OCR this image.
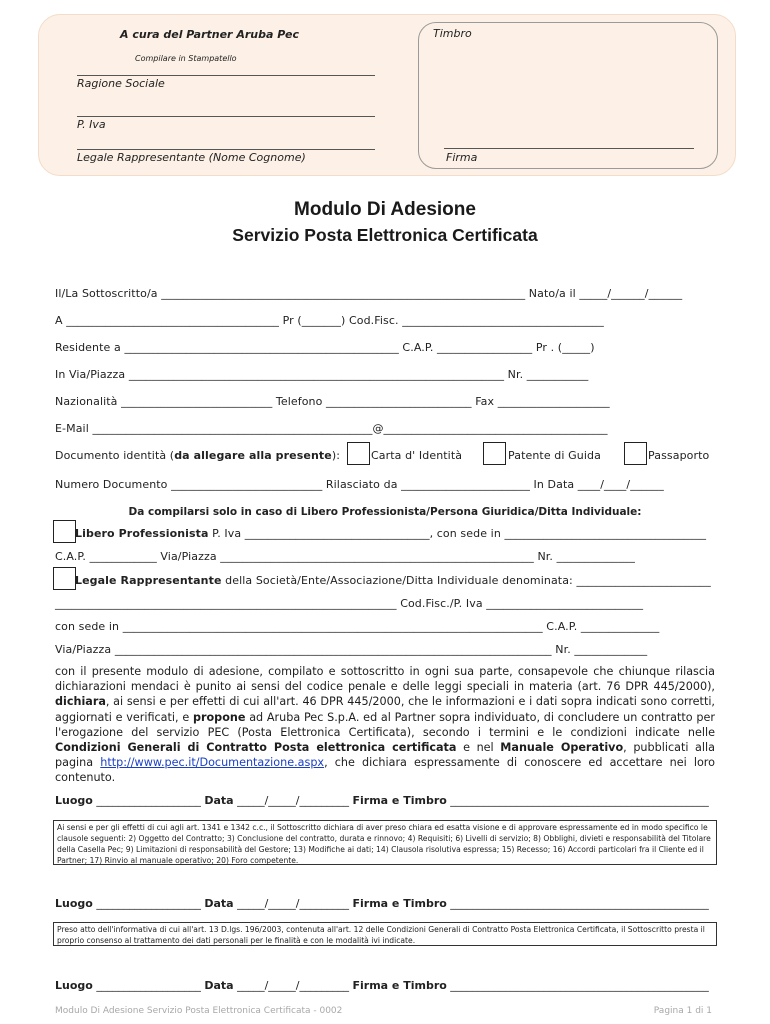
A cura del Partner Aruba Pec
Compilare in Stampatello
Ragione Sociale
P. Iva
Legale Rappresentante (Nome Cognome)
Timbro
Firma
Modulo Di Adesione
Servizio Posta Elettronica Certificata
Il/La Sottoscritto/a _________________________________________________________________ Nato/a il _____/______/______
A ______________________________________ Pr (_______) Cod.Fisc. ____________________________________
Residente a _________________________________________________ C.A.P. _________________ Pr . (_____)
In Via/Piazza ___________________________________________________________________ Nr. ___________
Nazionalità ___________________________ Telefono __________________________ Fax ____________________
E-Mail __________________________________________________@________________________________________
Documento identità (da allegare alla presente):	Carta d' Identità	Patente di Guida	Passaporto
Numero Documento ___________________________ Rilasciato da _______________________ In Data ____/____/______
Da compilarsi solo in caso di Libero Professionista/Persona Giuridica/Ditta Individuale:
Libero Professionista P. Iva _________________________________, con sede in ____________________________________
C.A.P. ____________ Via/Piazza ________________________________________________________ Nr. ______________
Legale Rappresentante della Società/Ente/Associazione/Ditta Individuale denominata: ________________________
_____________________________________________________________ Cod.Fisc./P. Iva ____________________________
con sede in ___________________________________________________________________________ C.A.P. ______________
Via/Piazza ______________________________________________________________________________ Nr. _____________
con il presente modulo di adesione, compilato e sottoscritto in ogni sua parte, consapevole che chiunque rilascia dichiarazioni mendaci è punito ai sensi del codice penale e delle leggi speciali in materia (art. 76 DPR 445/2000), dichiara, ai sensi e per effetti di cui all'art. 46 DPR 445/2000, che le informazioni e i dati sopra indicati sono corretti, aggiornati e verificati, e propone ad Aruba Pec S.p.A. ed al Partner sopra individuato, di concludere un contratto per l'erogazione del servizio PEC (Posta Elettronica Certificata), secondo i termini e le condizioni indicate nelle Condizioni Generali di Contratto Posta elettronica certificata e nel Manuale Operativo, pubblicati alla pagina http://www.pec.it/Documentazione.aspx, che dichiara espressamente di conoscere ed accettare nei loro contenuto.
Luogo ___________________ Data _____/_____/_________ Firma e Timbro _______________________________________________
Ai sensi e per gli effetti di cui agli art. 1341 e 1342 c.c., il Sottoscritto dichiara di aver preso chiara ed esatta visione e di approvare espressamente ed in modo specifico le clausole seguenti: 2) Oggetto del Contratto; 3) Conclusione del contratto, durata e rinnovo; 4) Requisiti; 6) Livelli di servizio; 8) Obblighi, divieti e responsabilità del Titolare della Casella Pec; 9) Limitazioni di responsabilità del Gestore; 13) Modifiche ai dati; 14) Clausola risolutiva espressa; 15) Recesso; 16) Accordi particolari fra il Cliente ed il Partner; 17) Rinvio al manuale operativo; 20) Foro competente.
Luogo ___________________ Data _____/_____/_________ Firma e Timbro _______________________________________________
Preso atto dell'informativa di cui all'art. 13 D.lgs. 196/2003, contenuta all'art. 12 delle Condizioni Generali di Contratto Posta Elettronica Certificata, il Sottoscritto presta il proprio consenso al trattamento dei dati personali per le finalità e con le modalità ivi indicate.
Luogo ___________________ Data _____/_____/_________ Firma e Timbro _______________________________________________
Modulo Di Adesione Servizio Posta Elettronica Certificata - 0002	Pagina 1 di 1
